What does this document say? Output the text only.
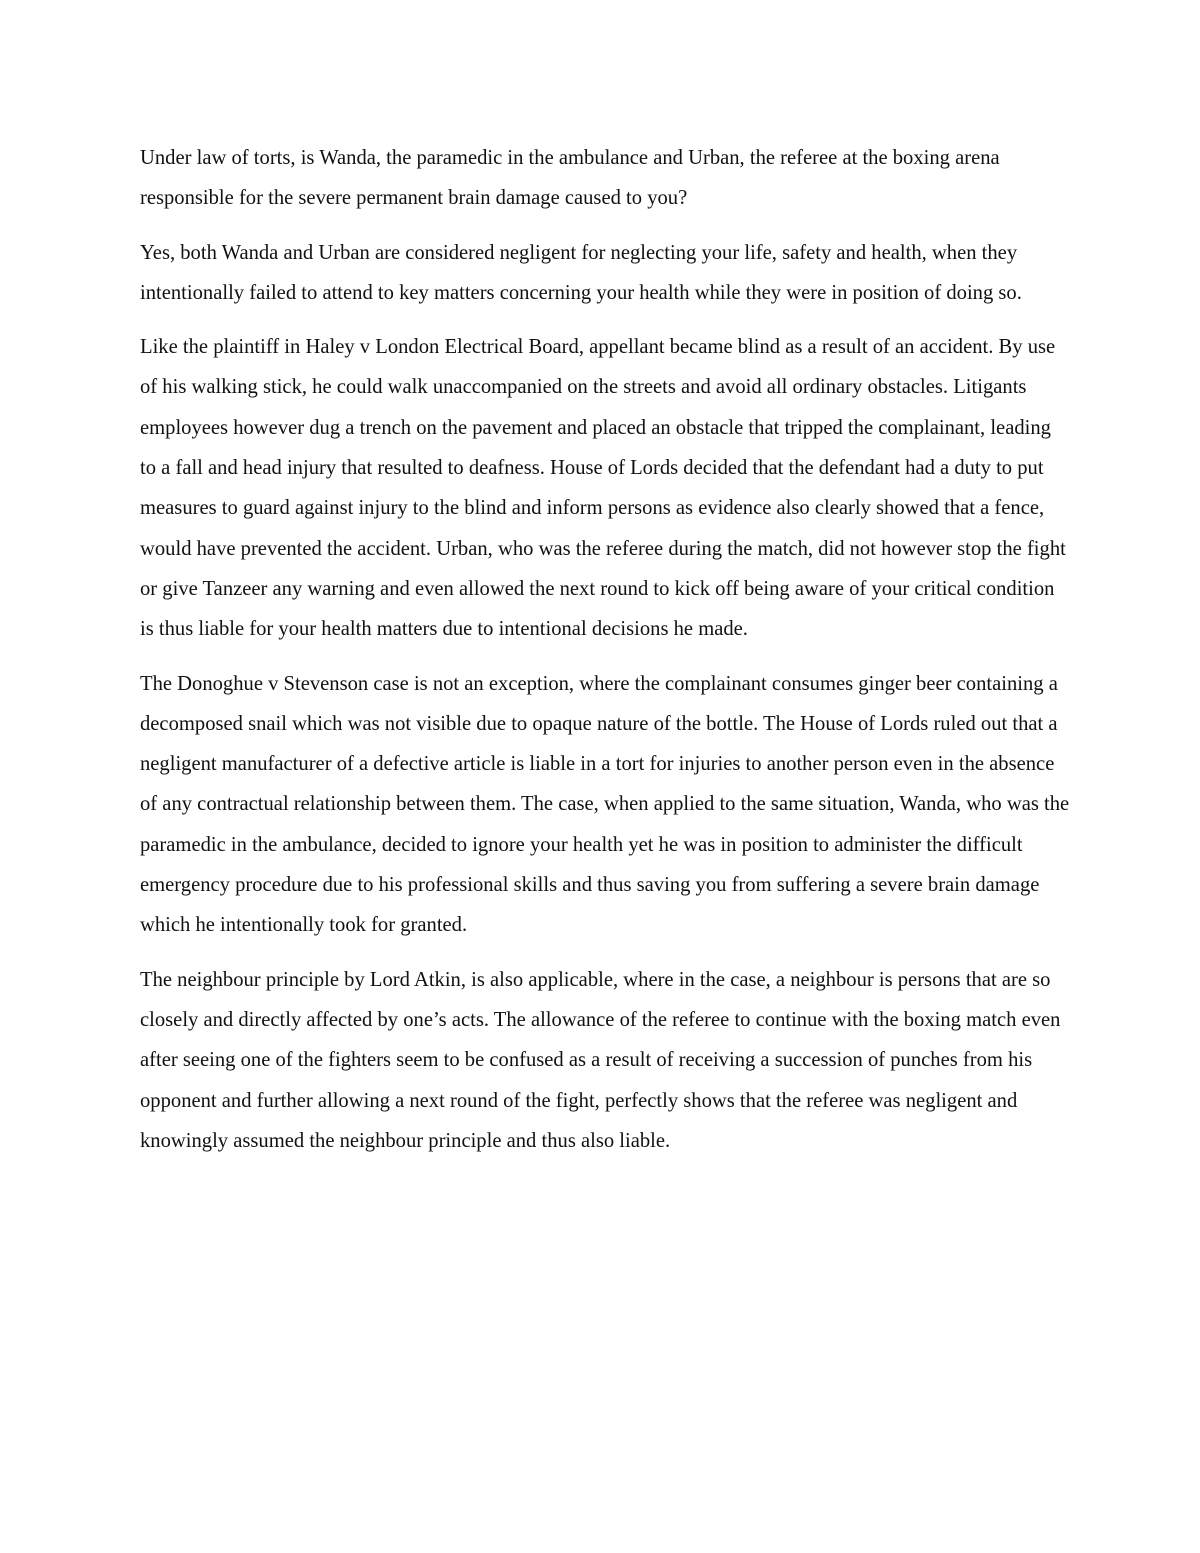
Under law of torts, is Wanda, the paramedic in the ambulance and Urban, the referee at the boxing arena responsible for the severe permanent brain damage caused to you?

Yes, both Wanda and Urban are considered negligent for neglecting your life, safety and health, when they intentionally failed to attend to key matters concerning your health while they were in position of doing so.

Like the plaintiff in Haley v London Electrical Board, appellant became blind as a result of an accident. By use of his walking stick, he could walk unaccompanied on the streets and avoid all ordinary obstacles. Litigants employees however dug a trench on the pavement and placed an obstacle that tripped the complainant, leading to a fall and head injury that resulted to deafness. House of Lords decided that the defendant had a duty to put measures to guard against injury to the blind and inform persons as evidence also clearly showed that a fence, would have prevented the accident. Urban, who was the referee during the match, did not however stop the fight or give Tanzeer any warning and even allowed the next round to kick off being aware of your critical condition is thus liable for your health matters due to intentional decisions he made.

The Donoghue v Stevenson case is not an exception, where the complainant consumes ginger beer containing a decomposed snail which was not visible due to opaque nature of the bottle. The House of Lords ruled out that a negligent manufacturer of a defective article is liable in a tort for injuries to another person even in the absence of any contractual relationship between them. The case, when applied to the same situation, Wanda, who was the paramedic in the ambulance, decided to ignore your health yet he was in position to administer the difficult emergency procedure due to his professional skills and thus saving you from suffering a severe brain damage which he intentionally took for granted.

The neighbour principle by Lord Atkin, is also applicable, where in the case, a neighbour is persons that are so closely and directly affected by one’s acts. The allowance of the referee to continue with the boxing match even after seeing one of the fighters seem to be confused as a result of receiving a succession of punches from his opponent and further allowing a next round of the fight, perfectly shows that the referee was negligent and knowingly assumed the neighbour principle and thus also liable.
